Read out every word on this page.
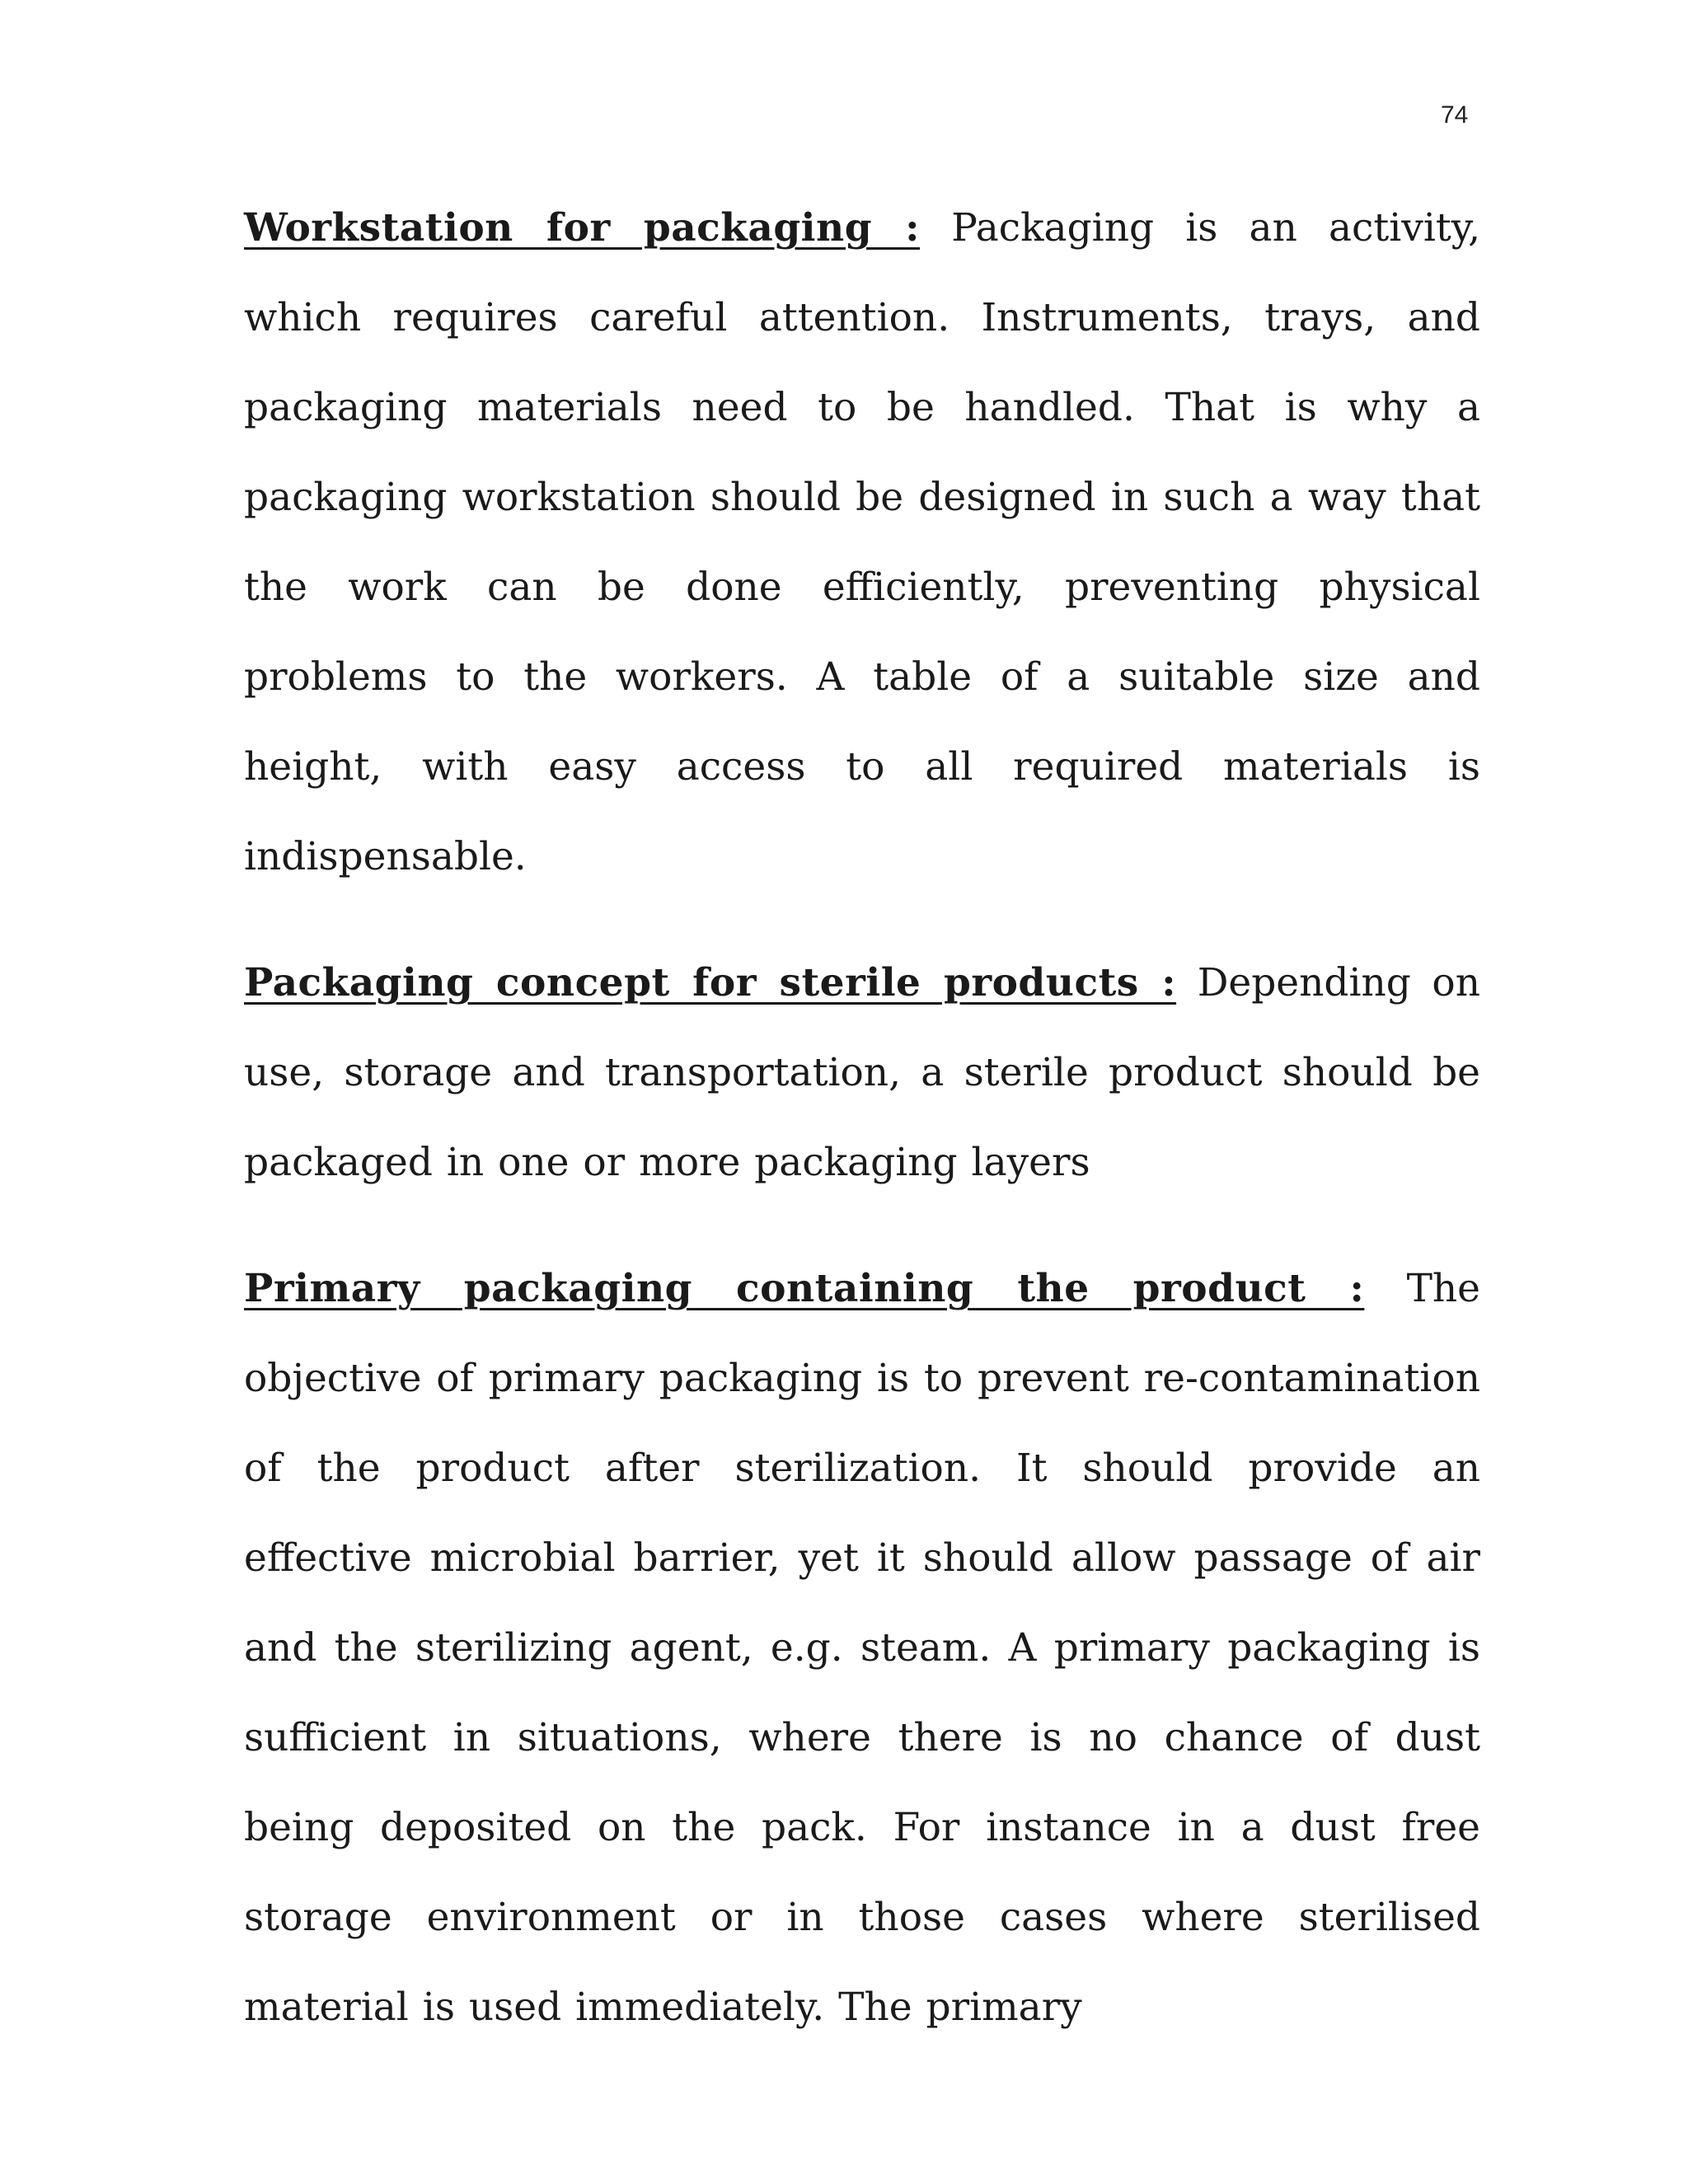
74

Workstation for packaging : Packaging is an activity, which requires careful attention. Instruments, trays, and packaging materials need to be handled. That is why a packaging workstation should be designed in such a way that the work can be done efficiently, preventing physical problems to the workers. A table of a suitable size and height, with easy access to all required materials is indispensable.

Packaging concept for sterile products : Depending on use, storage and transportation, a sterile product should be packaged in one or more packaging layers

Primary packaging containing the product : The objective of primary packaging is to prevent re-contamination of the product after sterilization. It should provide an effective microbial barrier, yet it should allow passage of air and the sterilizing agent, e.g. steam. A primary packaging is sufficient in situations, where there is no chance of dust being deposited on the pack. For instance in a dust free storage environment or in those cases where sterilised material is used immediately. The primary
